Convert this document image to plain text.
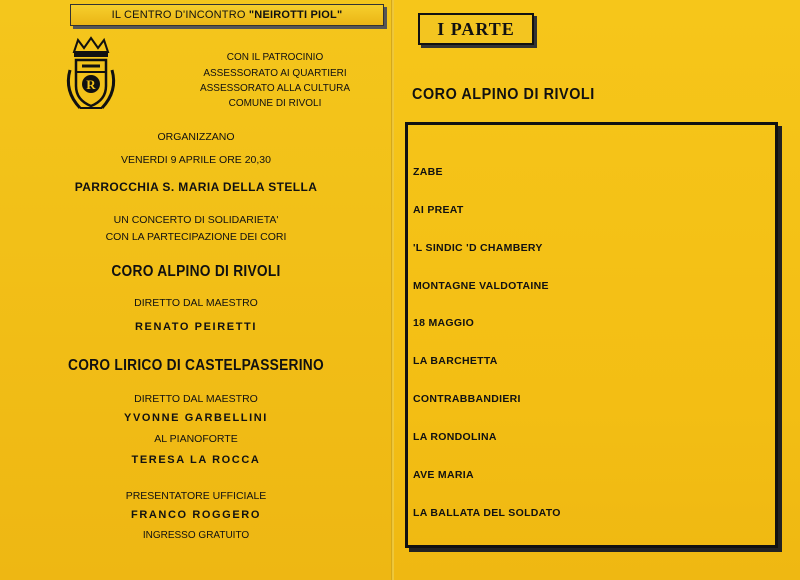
IL CENTRO D'INCONTRO "NEIROTTI PIOL"
R
CON IL PATROCINIO
ASSESSORATO AI QUARTIERI
ASSESSORATO ALLA CULTURA
COMUNE DI RIVOLI
ORGANIZZANO
VENERDI 9 APRILE ORE 20,30
PARROCCHIA S. MARIA DELLA STELLA
UN CONCERTO DI SOLIDARIETA'
CON LA PARTECIPAZIONE DEI CORI
CORO ALPINO DI RIVOLI
DIRETTO DAL MAESTRO
RENATO PEIRETTI
CORO LIRICO DI CASTELPASSERINO
DIRETTO DAL MAESTRO
YVONNE GARBELLINI
AL PIANOFORTE
TERESA LA ROCCA
PRESENTATORE UFFICIALE
FRANCO ROGGERO
INGRESSO GRATUITO
I PARTE
CORO ALPINO DI RIVOLI
ZABE
AI PREAT
'L SINDIC 'D CHAMBERY
MONTAGNE VALDOTAINE
18 MAGGIO
LA BARCHETTA
CONTRABBANDIERI
LA RONDOLINA
AVE MARIA
LA BALLATA DEL SOLDATO
